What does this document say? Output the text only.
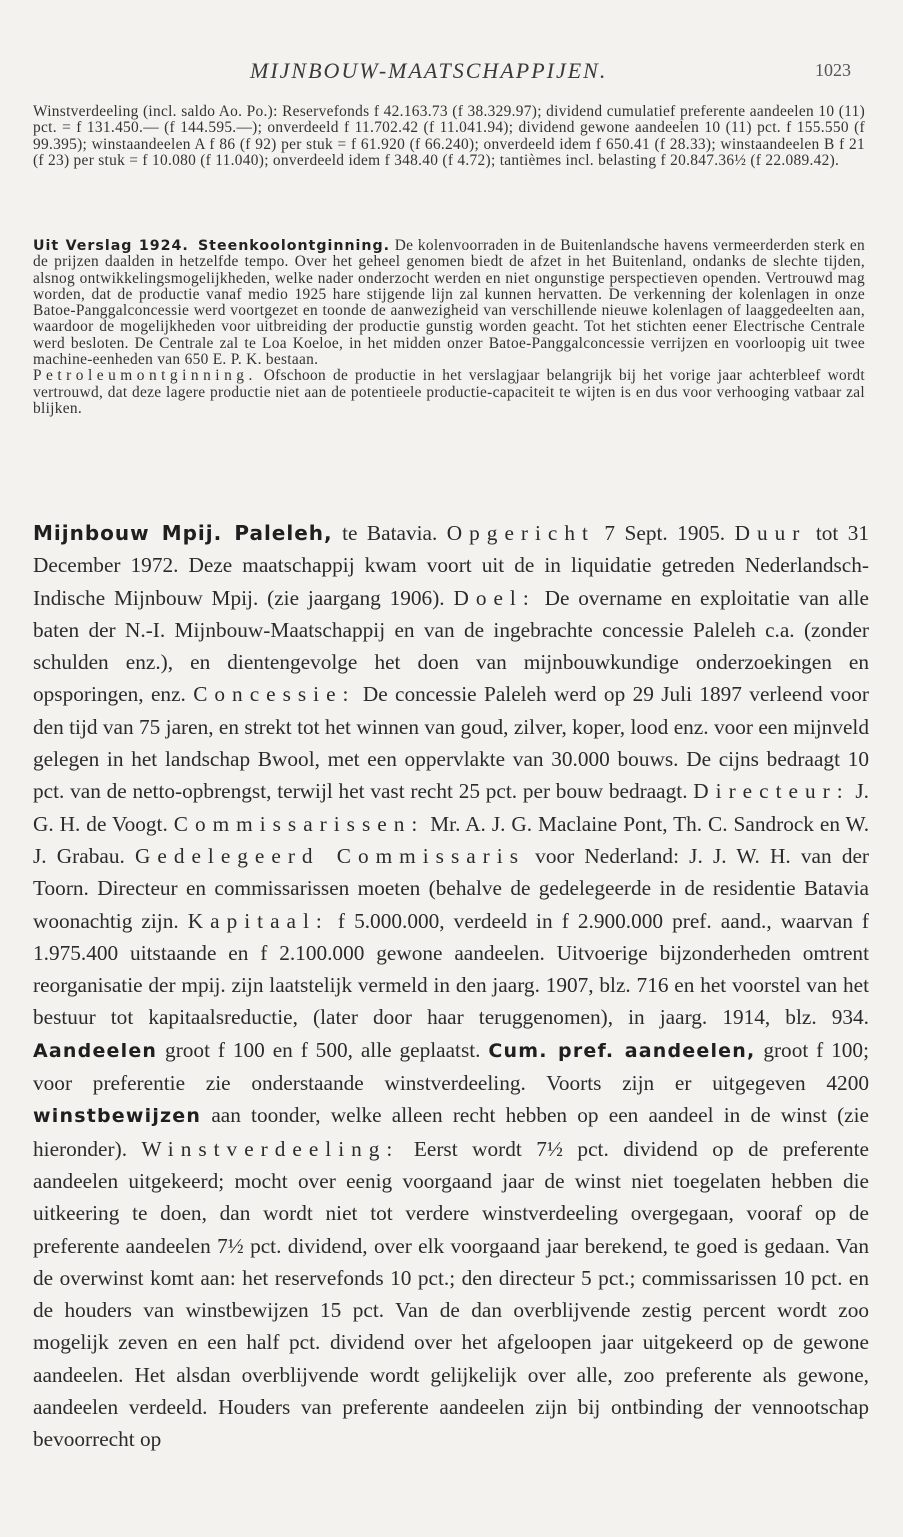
MIJNBOUW-MAATSCHAPPIJEN.	1023

Winstverdeeling (incl. saldo Ao. Po.): Reservefonds f 42.163.73 (f 38.329.97); dividend cumulatief preferente aandeelen 10 (11) pct. = f 131.450.— (f 144.595.—); onverdeeld f 11.702.42 (f 11.041.94); dividend gewone aandeelen 10 (11) pct. f 155.550 (f 99.395); winstaandeelen A f 86 (f 92) per stuk = f 61.920 (f 66.240); onverdeeld idem f 650.41 (f 28.33); winstaandeelen B f 21 (f 23) per stuk = f 10.080 (f 11.040); onverdeeld idem f 348.40 (f 4.72); tantièmes incl. belasting f 20.847.36½ (f 22.089.42).

Uit Verslag 1924. Steenkoolontginning. De kolenvoorraden in de Buitenlandsche havens vermeerderden sterk en de prijzen daalden in hetzelfde tempo. Over het geheel genomen biedt de afzet in het Buitenland, ondanks de slechte tijden, alsnog ontwikkelingsmogelijkheden, welke nader onderzocht werden en niet ongunstige perspectieven openden. Vertrouwd mag worden, dat de productie vanaf medio 1925 hare stijgende lijn zal kunnen hervatten. De verkenning der kolenlagen in onze Batoe-Panggalconcessie werd voortgezet en toonde de aanwezigheid van verschillende nieuwe kolenlagen of laaggedeelten aan, waardoor de mogelijkheden voor uitbreiding der productie gunstig worden geacht. Tot het stichten eener Electrische Centrale werd besloten. De Centrale zal te Loa Koeloe, in het midden onzer Batoe-Panggalconcessie verrijzen en voorloopig uit twee machine-eenheden van 650 E. P. K. bestaan.

Petroleumontginning. Ofschoon de productie in het verslagjaar belangrijk bij het vorige jaar achterbleef wordt vertrouwd, dat deze lagere productie niet aan de potentieele productie-capaciteit te wijten is en dus voor verhooging vatbaar zal blijken.

Mijnbouw Mpij. Paleleh, te Batavia. Opgericht 7 Sept. 1905. Duur tot 31 December 1972. Deze maatschappij kwam voort uit de in liquidatie getreden Nederlandsch-Indische Mijnbouw Mpij. (zie jaargang 1906). Doel: De overname en exploitatie van alle baten der N.-I. Mijnbouw-Maatschappij en van de ingebrachte concessie Paleleh c.a. (zonder schulden enz.), en dientengevolge het doen van mijnbouwkundige onderzoekingen en opsporingen, enz. Concessie: De concessie Paleleh werd op 29 Juli 1897 verleend voor den tijd van 75 jaren, en strekt tot het winnen van goud, zilver, koper, lood enz. voor een mijnveld gelegen in het landschap Bwool, met een oppervlakte van 30.000 bouws. De cijns bedraagt 10 pct. van de netto-opbrengst, terwijl het vast recht 25 pct. per bouw bedraagt. Directeur: J. G. H. de Voogt. Commissarissen: Mr. A. J. G. Maclaine Pont, Th. C. Sandrock en W. J. Grabau. Gedelegeerd Commissaris voor Nederland: J. J. W. H. van der Toorn. Directeur en commissarissen moeten (behalve de gedelegeerde in de residentie Batavia woonachtig zijn. Kapitaal: f 5.000.000, verdeeld in f 2.900.000 pref. aand., waarvan f 1.975.400 uitstaande en f 2.100.000 gewone aandeelen. Uitvoerige bijzonderheden omtrent reorganisatie der mpij. zijn laatstelijk vermeld in den jaarg. 1907, blz. 716 en het voorstel van het bestuur tot kapitaalsreductie, (later door haar teruggenomen), in jaarg. 1914, blz. 934. Aandeelen groot f 100 en f 500, alle geplaatst. Cum. pref. aandeelen, groot f 100; voor preferentie zie onderstaande winstverdeeling. Voorts zijn er uitgegeven 4200 winstbewijzen aan toonder, welke alleen recht hebben op een aandeel in de winst (zie hieronder). Winstverdeeling: Eerst wordt 7½ pct. dividend op de preferente aandeelen uitgekeerd; mocht over eenig voorgaand jaar de winst niet toegelaten hebben die uitkeering te doen, dan wordt niet tot verdere winstverdeeling overgegaan, vooraf op de preferente aandeelen 7½ pct. dividend, over elk voorgaand jaar berekend, te goed is gedaan. Van de overwinst komt aan: het reservefonds 10 pct.; den directeur 5 pct.; commissarissen 10 pct. en de houders van winstbewijzen 15 pct. Van de dan overblijvende zestig percent wordt zoo mogelijk zeven en een half pct. dividend over het afgeloopen jaar uitgekeerd op de gewone aandeelen. Het alsdan overblijvende wordt gelijkelijk over alle, zoo preferente als gewone, aandeelen verdeeld. Houders van preferente aandeelen zijn bij ontbinding der vennootschap bevoorrecht op
